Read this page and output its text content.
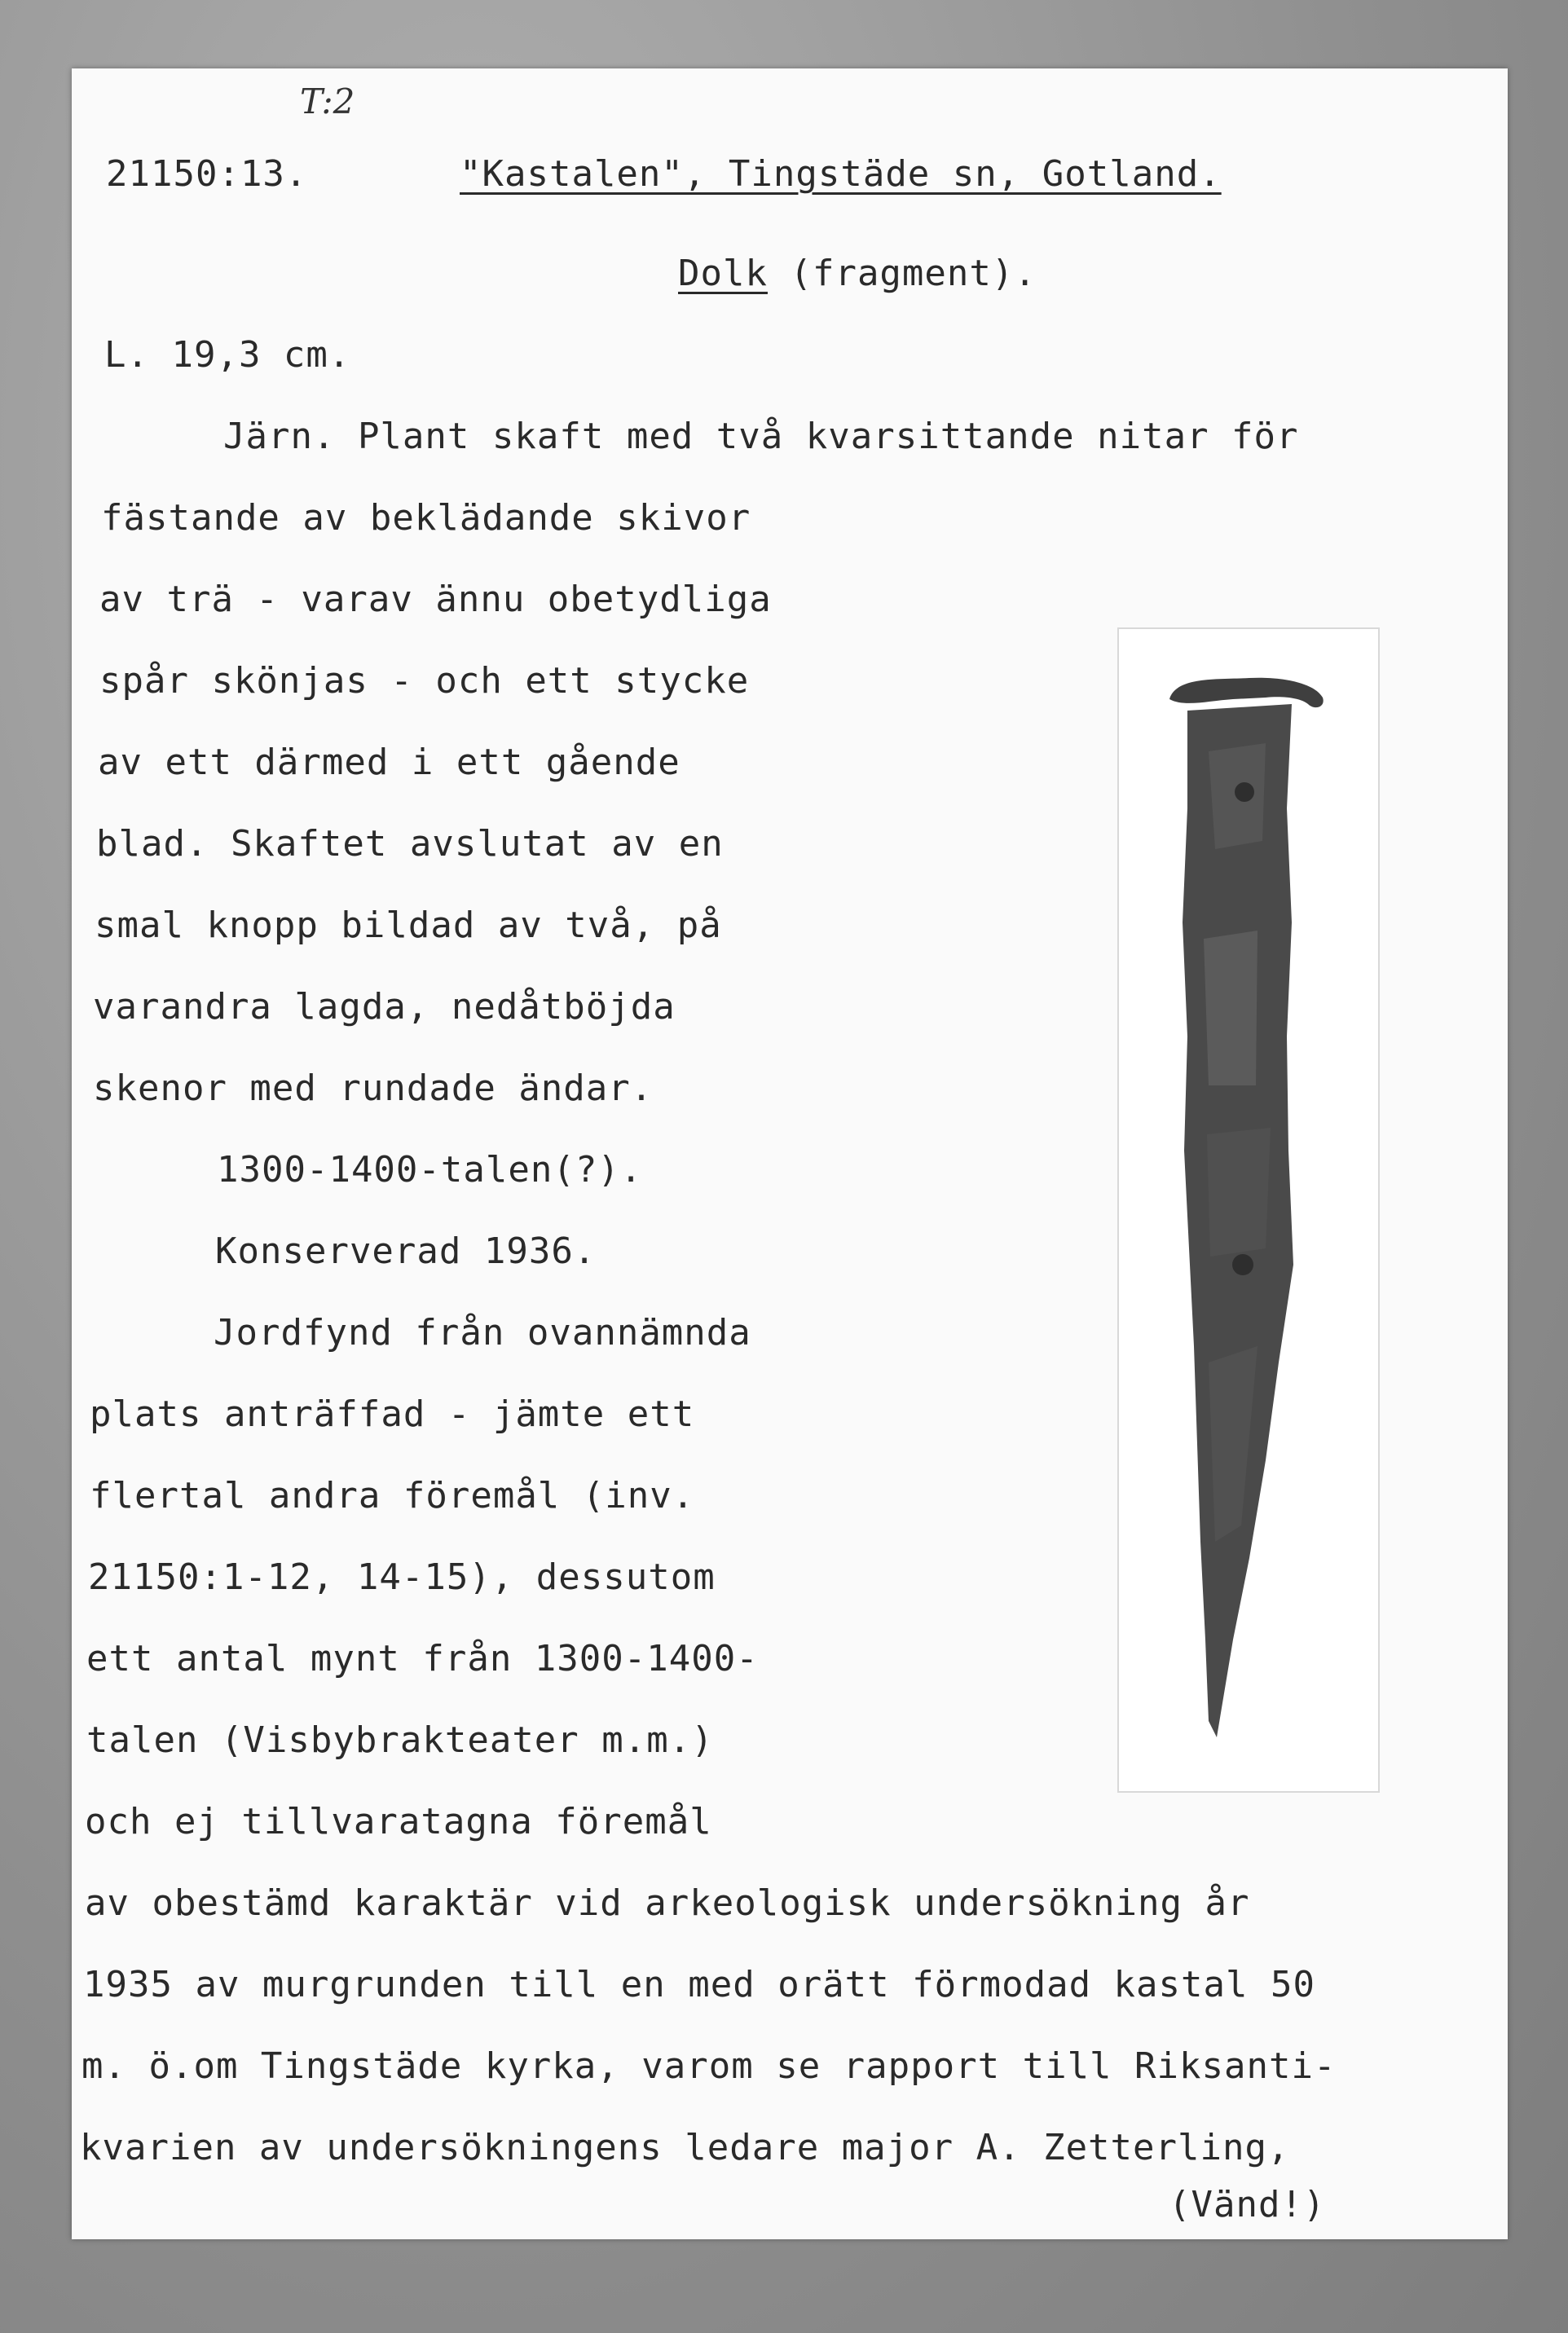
T:2
21150:13.	"Kastalen", Tingstäde sn, Gotland.
Dolk (fragment).
L. 19,3 cm.
Järn. Plant skaft med två kvarsittande nitar för
fästande av beklädande skivor
av trä - varav ännu obetydliga
spår skönjas - och ett stycke
av ett därmed i ett gående
blad. Skaftet avslutat av en
smal knopp bildad av två, på
varandra lagda, nedåtböjda
skenor med rundade ändar.
1300-1400-talen(?).
Konserverad 1936.
Jordfynd från ovannämnda
plats anträffad - jämte ett
flertal andra föremål (inv.
21150:1-12, 14-15), dessutom
ett antal mynt från 1300-1400-
talen (Visbybrakteater m.m.)
och ej tillvaratagna föremål
av obestämd karaktär vid arkeologisk undersökning år
1935 av murgrunden till en med orätt förmodad kastal 50
m. ö.om Tingstäde kyrka, varom se rapport till Riksanti-
kvarien av undersökningens ledare major A. Zetterling,
(Vänd!)
